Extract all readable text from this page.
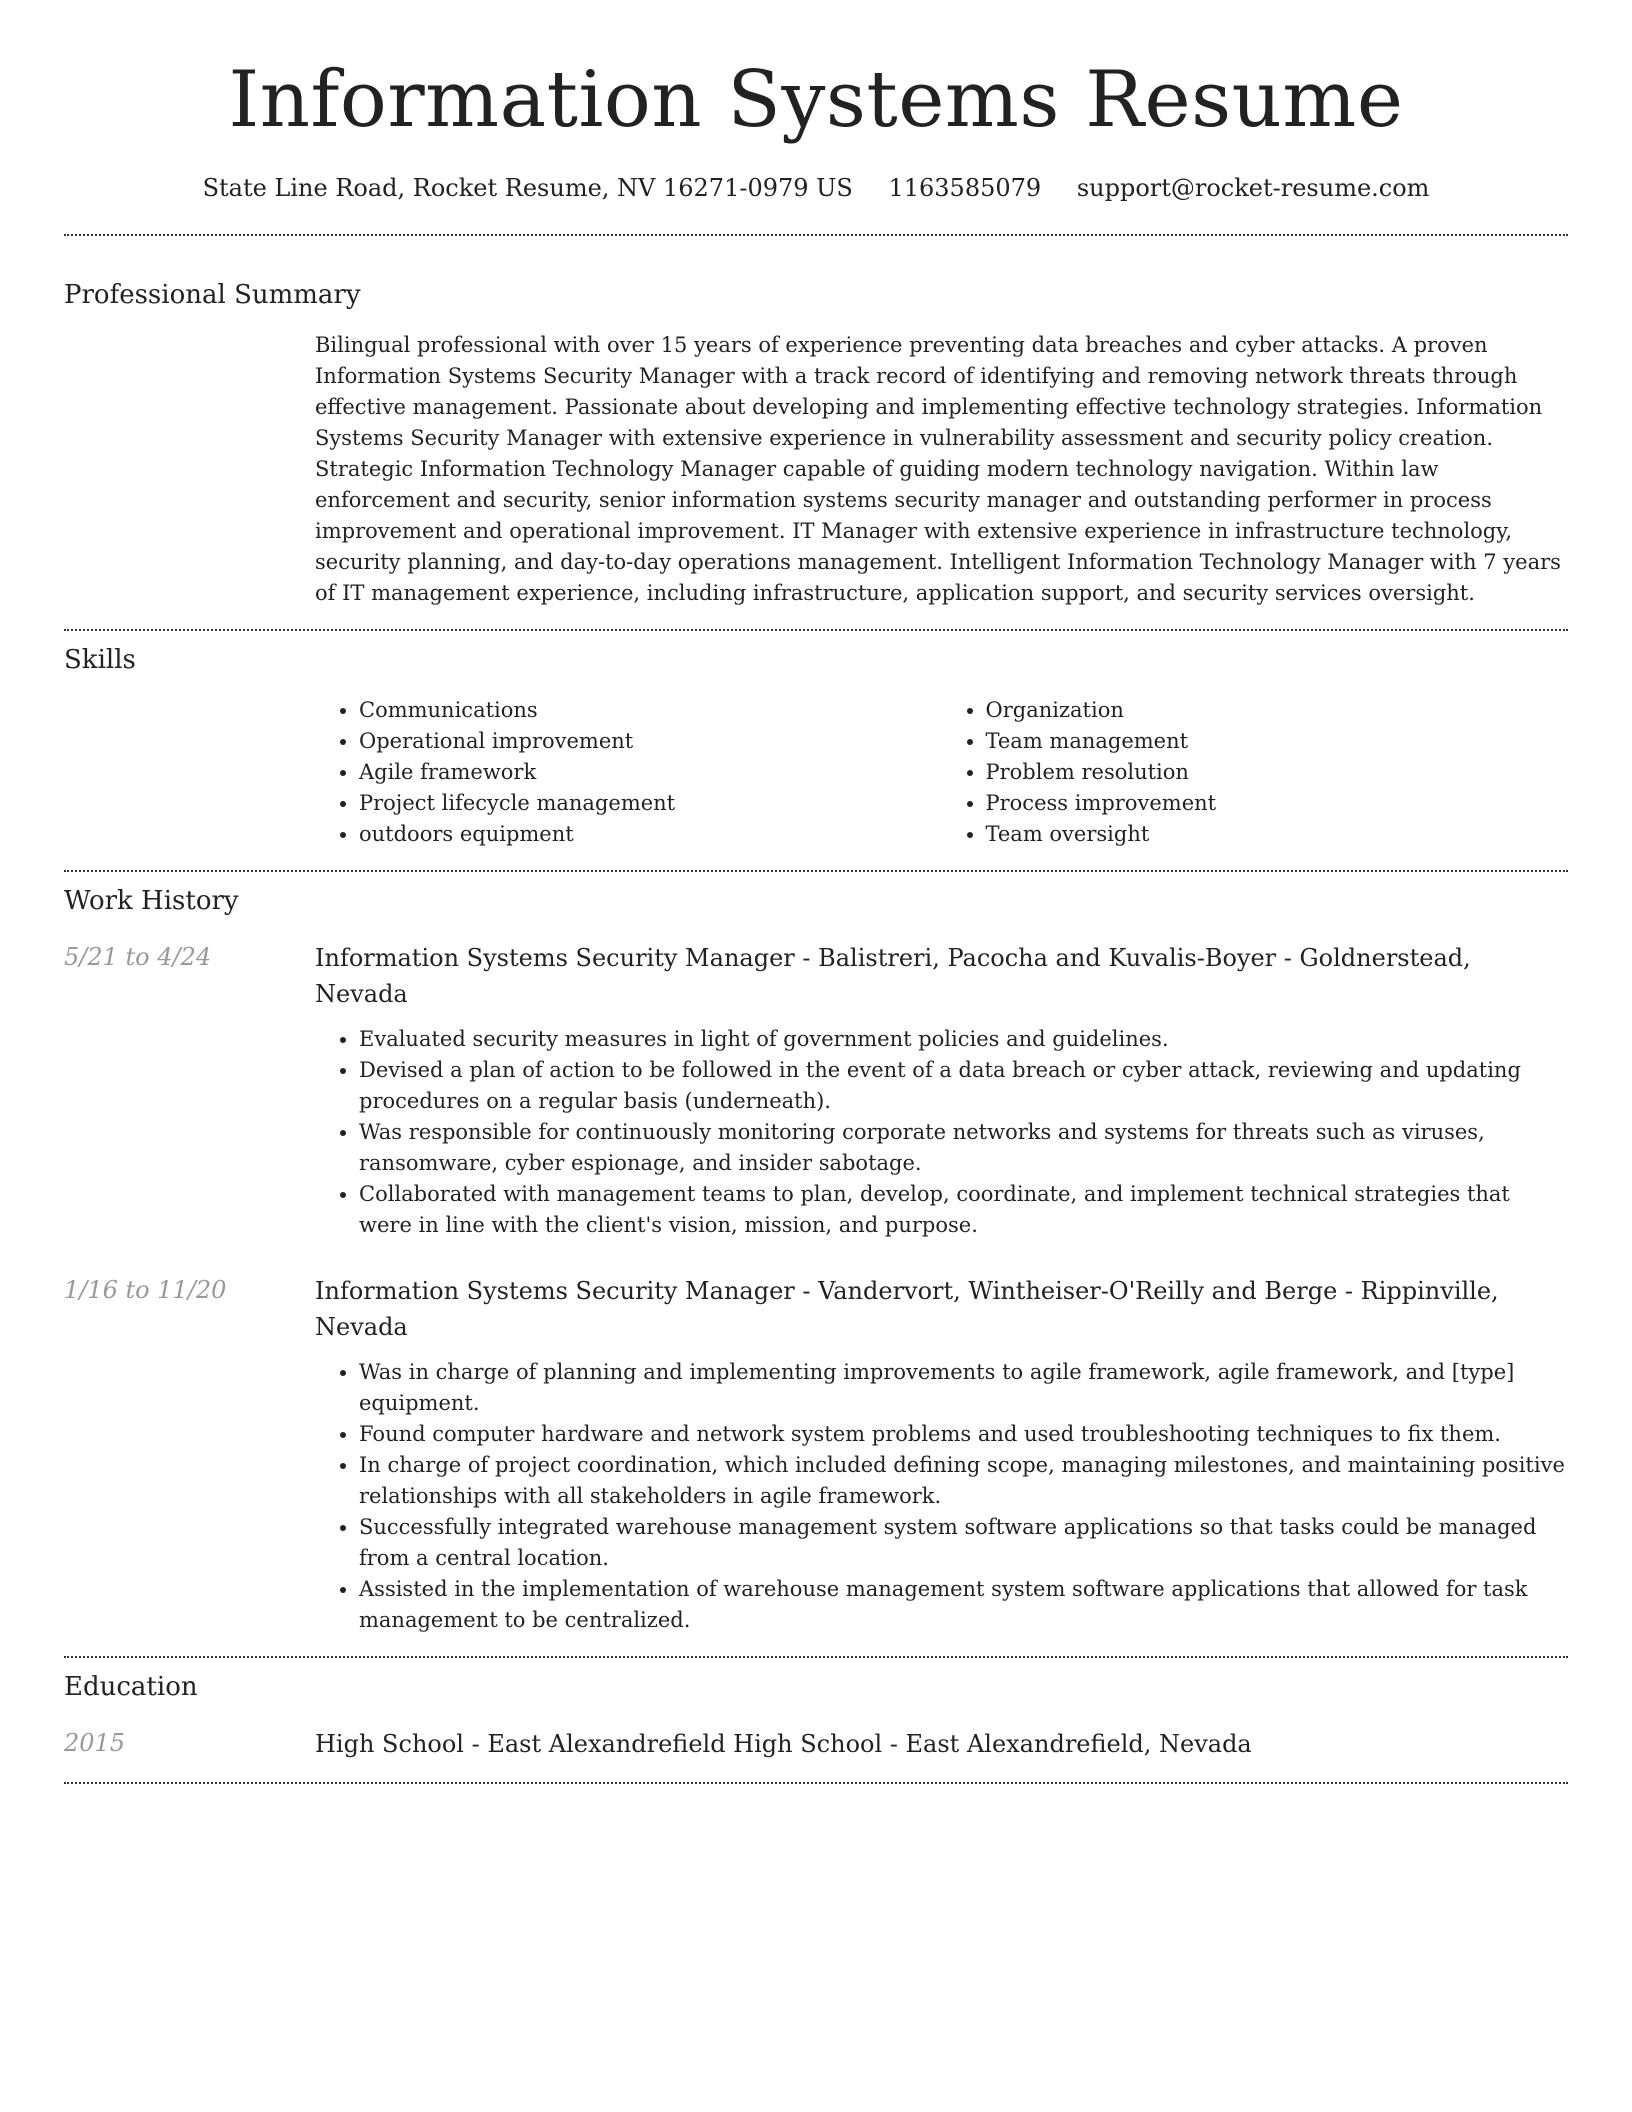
Information Systems Resume
State Line Road, Rocket Resume, NV 16271-0979 US 1163585079 support@rocket-resume.com
Professional Summary

Bilingual professional with over 15 years of experience preventing data breaches and cyber attacks. A proven Information Systems Security Manager with a track record of identifying and removing network threats through effective management. Passionate about developing and implementing effective technology strategies. Information Systems Security Manager with extensive experience in vulnerability assessment and security policy creation. Strategic Information Technology Manager capable of guiding modern technology navigation. Within law enforcement and security, senior information systems security manager and outstanding performer in process improvement and operational improvement. IT Manager with extensive experience in infrastructure technology, security planning, and day-to-day operations management. Intelligent Information Technology Manager with 7 years of IT management experience, including infrastructure, application support, and security services oversight.

Skills
• Communications
• Operational improvement
• Agile framework
• Project lifecycle management
• outdoors equipment
• Organization
• Team management
• Problem resolution
• Process improvement
• Team oversight
Work History
5/21 to 4/24	Information Systems Security Manager - Balistreri, Pacocha and Kuvalis-Boyer - Goldnerstead, Nevada

• Evaluated security measures in light of government policies and guidelines.
• Devised a plan of action to be followed in the event of a data breach or cyber attack, reviewing and updating procedures on a regular basis (underneath).
• Was responsible for continuously monitoring corporate networks and systems for threats such as viruses, ransomware, cyber espionage, and insider sabotage.
• Collaborated with management teams to plan, develop, coordinate, and implement technical strategies that were in line with the client's vision, mission, and purpose.
1/16 to 11/20	Information Systems Security Manager - Vandervort, Wintheiser-O'Reilly and Berge - Rippinville, Nevada

• Was in charge of planning and implementing improvements to agile framework, agile framework, and [type] equipment.
• Found computer hardware and network system problems and used troubleshooting techniques to fix them.
• In charge of project coordination, which included defining scope, managing milestones, and maintaining positive relationships with all stakeholders in agile framework.
• Successfully integrated warehouse management system software applications so that tasks could be managed from a central location.
• Assisted in the implementation of warehouse management system software applications that allowed for task management to be centralized.
Education
2015	High School - East Alexandrefield High School - East Alexandrefield, Nevada
